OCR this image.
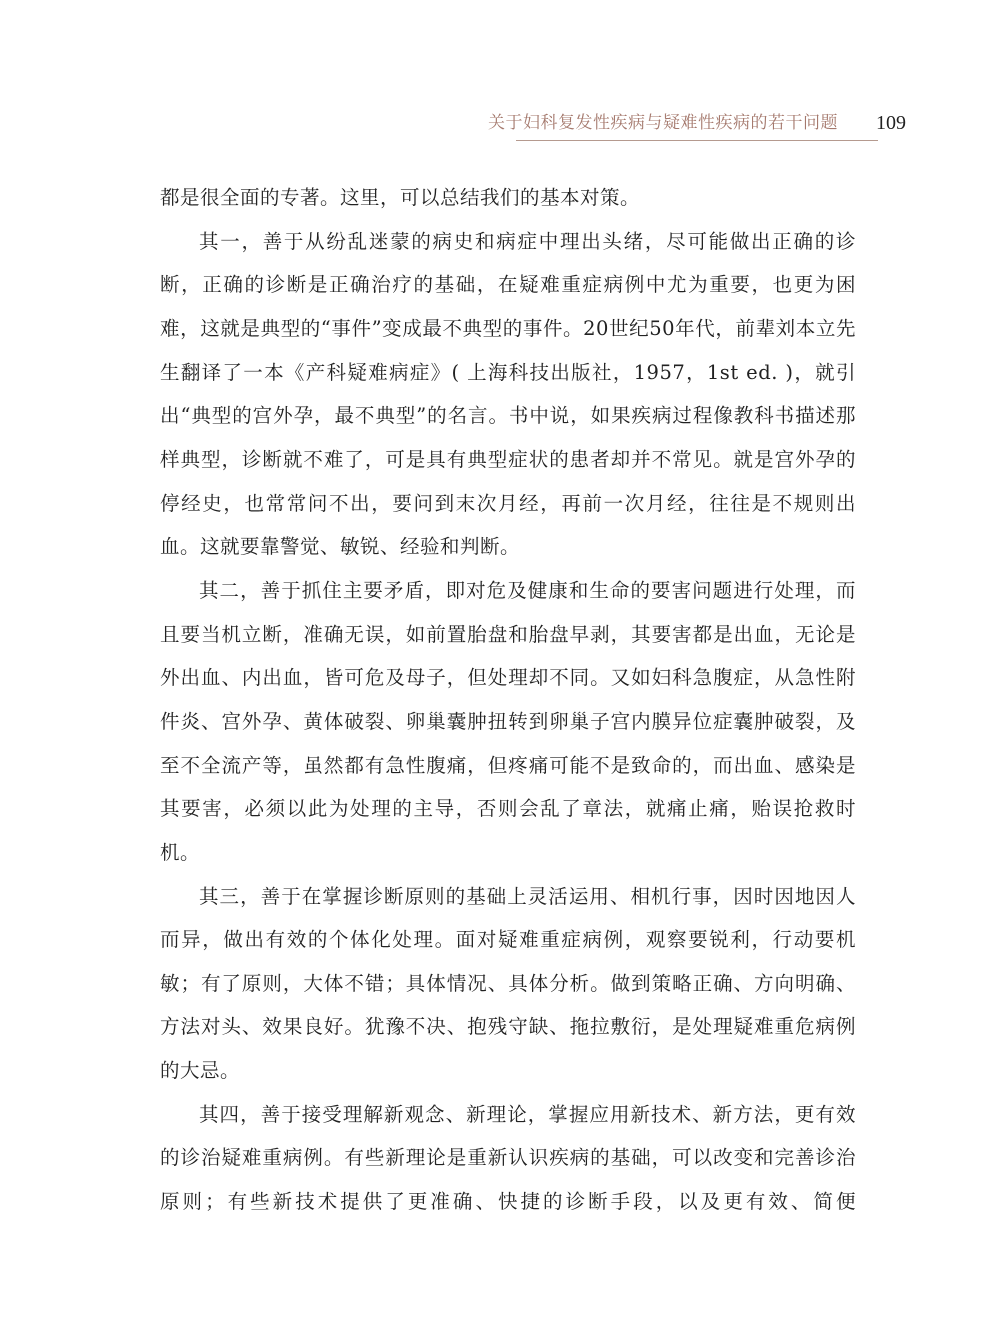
关于妇科复发性疾病与疑难性疾病的若干问题 109

都是很全面的专著。这里，可以总结我们的基本对策。

其一，善于从纷乱迷蒙的病史和病症中理出头绪，尽可能做出正确的诊断，正确的诊断是正确治疗的基础，在疑难重症病例中尤为重要，也更为困难，这就是典型的“事件”变成最不典型的事件。20世纪50年代，前辈刘本立先生翻译了一本《产科疑难病症》( 上海科技出版社，1957，1st ed. )，就引出“典型的宫外孕，最不典型”的名言。书中说，如果疾病过程像教科书描述那样典型，诊断就不难了，可是具有典型症状的患者却并不常见。就是宫外孕的停经史，也常常问不出，要问到末次月经，再前一次月经，往往是不规则出血。这就要靠警觉、敏锐、经验和判断。

其二，善于抓住主要矛盾，即对危及健康和生命的要害问题进行处理，而且要当机立断，准确无误，如前置胎盘和胎盘早剥，其要害都是出血，无论是外出血、内出血，皆可危及母子，但处理却不同。又如妇科急腹症，从急性附件炎、宫外孕、黄体破裂、卵巢囊肿扭转到卵巢子宫内膜异位症囊肿破裂，及至不全流产等，虽然都有急性腹痛，但疼痛可能不是致命的，而出血、感染是其要害，必须以此为处理的主导，否则会乱了章法，就痛止痛，贻误抢救时机。

其三，善于在掌握诊断原则的基础上灵活运用、相机行事，因时因地因人而异，做出有效的个体化处理。面对疑难重症病例，观察要锐利，行动要机敏；有了原则，大体不错；具体情况、具体分析。做到策略正确、方向明确、方法对头、效果良好。犹豫不决、抱残守缺、拖拉敷衍，是处理疑难重危病例的大忌。

其四，善于接受理解新观念、新理论，掌握应用新技术、新方法，更有效的诊治疑难重病例。有些新理论是重新认识疾病的基础，可以改变和完善诊治原则；有些新技术提供了更准确、快捷的诊断手段，以及更有效、简便
